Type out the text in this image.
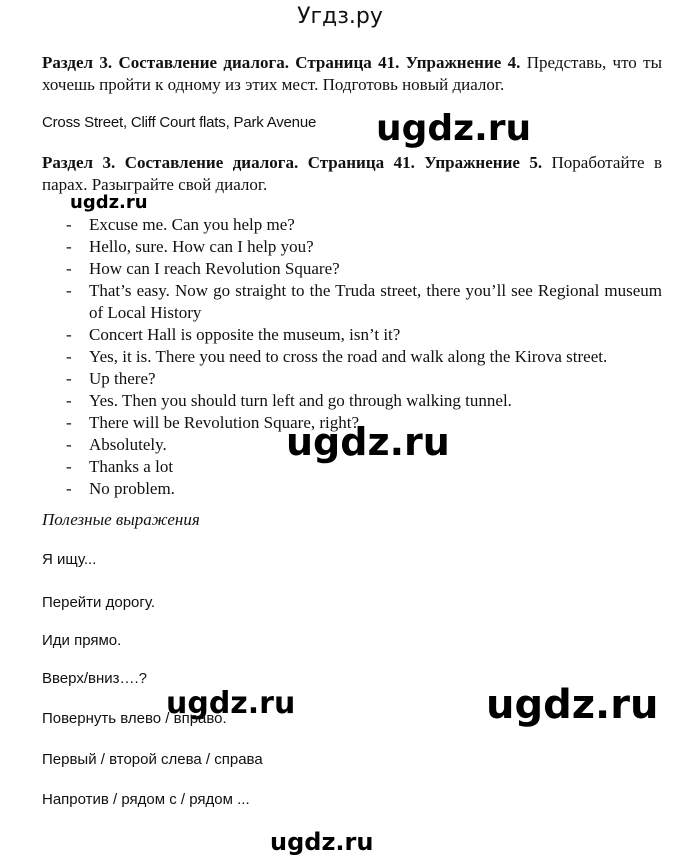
Угдз.ру
Раздел 3. Составление диалога. Страница 41. Упражнение 4. Представь, что ты хочешь пройти к одному из этих мест. Подготовь новый диалог.
Cross Street, Cliff Court flats, Park Avenue ugdz.ru
Раздел 3. Составление диалога. Страница 41. Упражнение 5. Поработайте в парах. Разыграйте свой диалог.
ugdz.ru
- Excuse me. Can you help me?
- Hello, sure. How can I help you?
- How can I reach Revolution Square?
- That’s easy. Now go straight to the Truda street, there you’ll see Regional museum of Local History
- Concert Hall is opposite the museum, isn’t it?
- Yes, it is. There you need to cross the road and walk along the Kirova street.
- Up there?
- Yes. Then you should turn left and go through walking tunnel.
- There will be Revolution Square, right?
- Absolutely.
- Thanks a lot
- No problem.
ugdz.ru
Полезные выражения
Я ищу...
Перейти дорогу.
Иди прямо.
Вверх/вниз….?
ugdz.ru	ugdz.ru
Повернуть влево / вправо.
Первый / второй слева / справа
Напротив / рядом с / рядом ...
ugdz.ru
